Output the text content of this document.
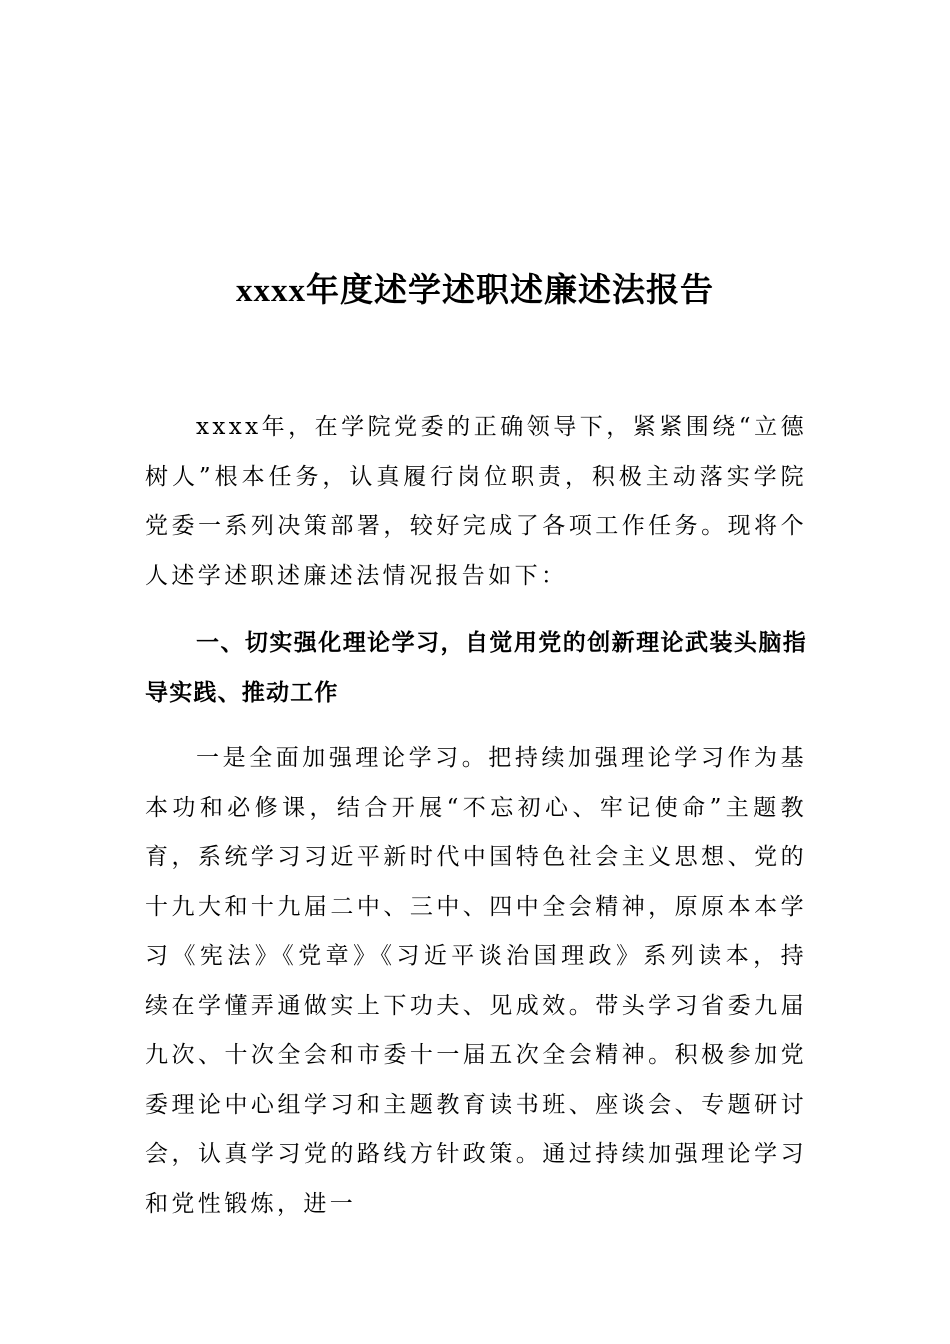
xxxx年度述学述职述廉述法报告

xxxx年，在学院党委的正确领导下，紧紧围绕“立德树人”根本任务，认真履行岗位职责，积极主动落实学院党委一系列决策部署，较好完成了各项工作任务。现将个人述学述职述廉述法情况报告如下：

一、切实强化理论学习，自觉用党的创新理论武装头脑指导实践、推动工作

一是全面加强理论学习。把持续加强理论学习作为基本功和必修课，结合开展“不忘初心、牢记使命”主题教育，系统学习习近平新时代中国特色社会主义思想、党的十九大和十九届二中、三中、四中全会精神，原原本本学习《宪法》《党章》《习近平谈治国理政》系列读本，持续在学懂弄通做实上下功夫、见成效。带头学习省委九届九次、十次全会和市委十一届五次全会精神。积极参加党委理论中心组学习和主题教育读书班、座谈会、专题研讨会，认真学习党的路线方针政策。通过持续加强理论学习和党性锻炼，进一
